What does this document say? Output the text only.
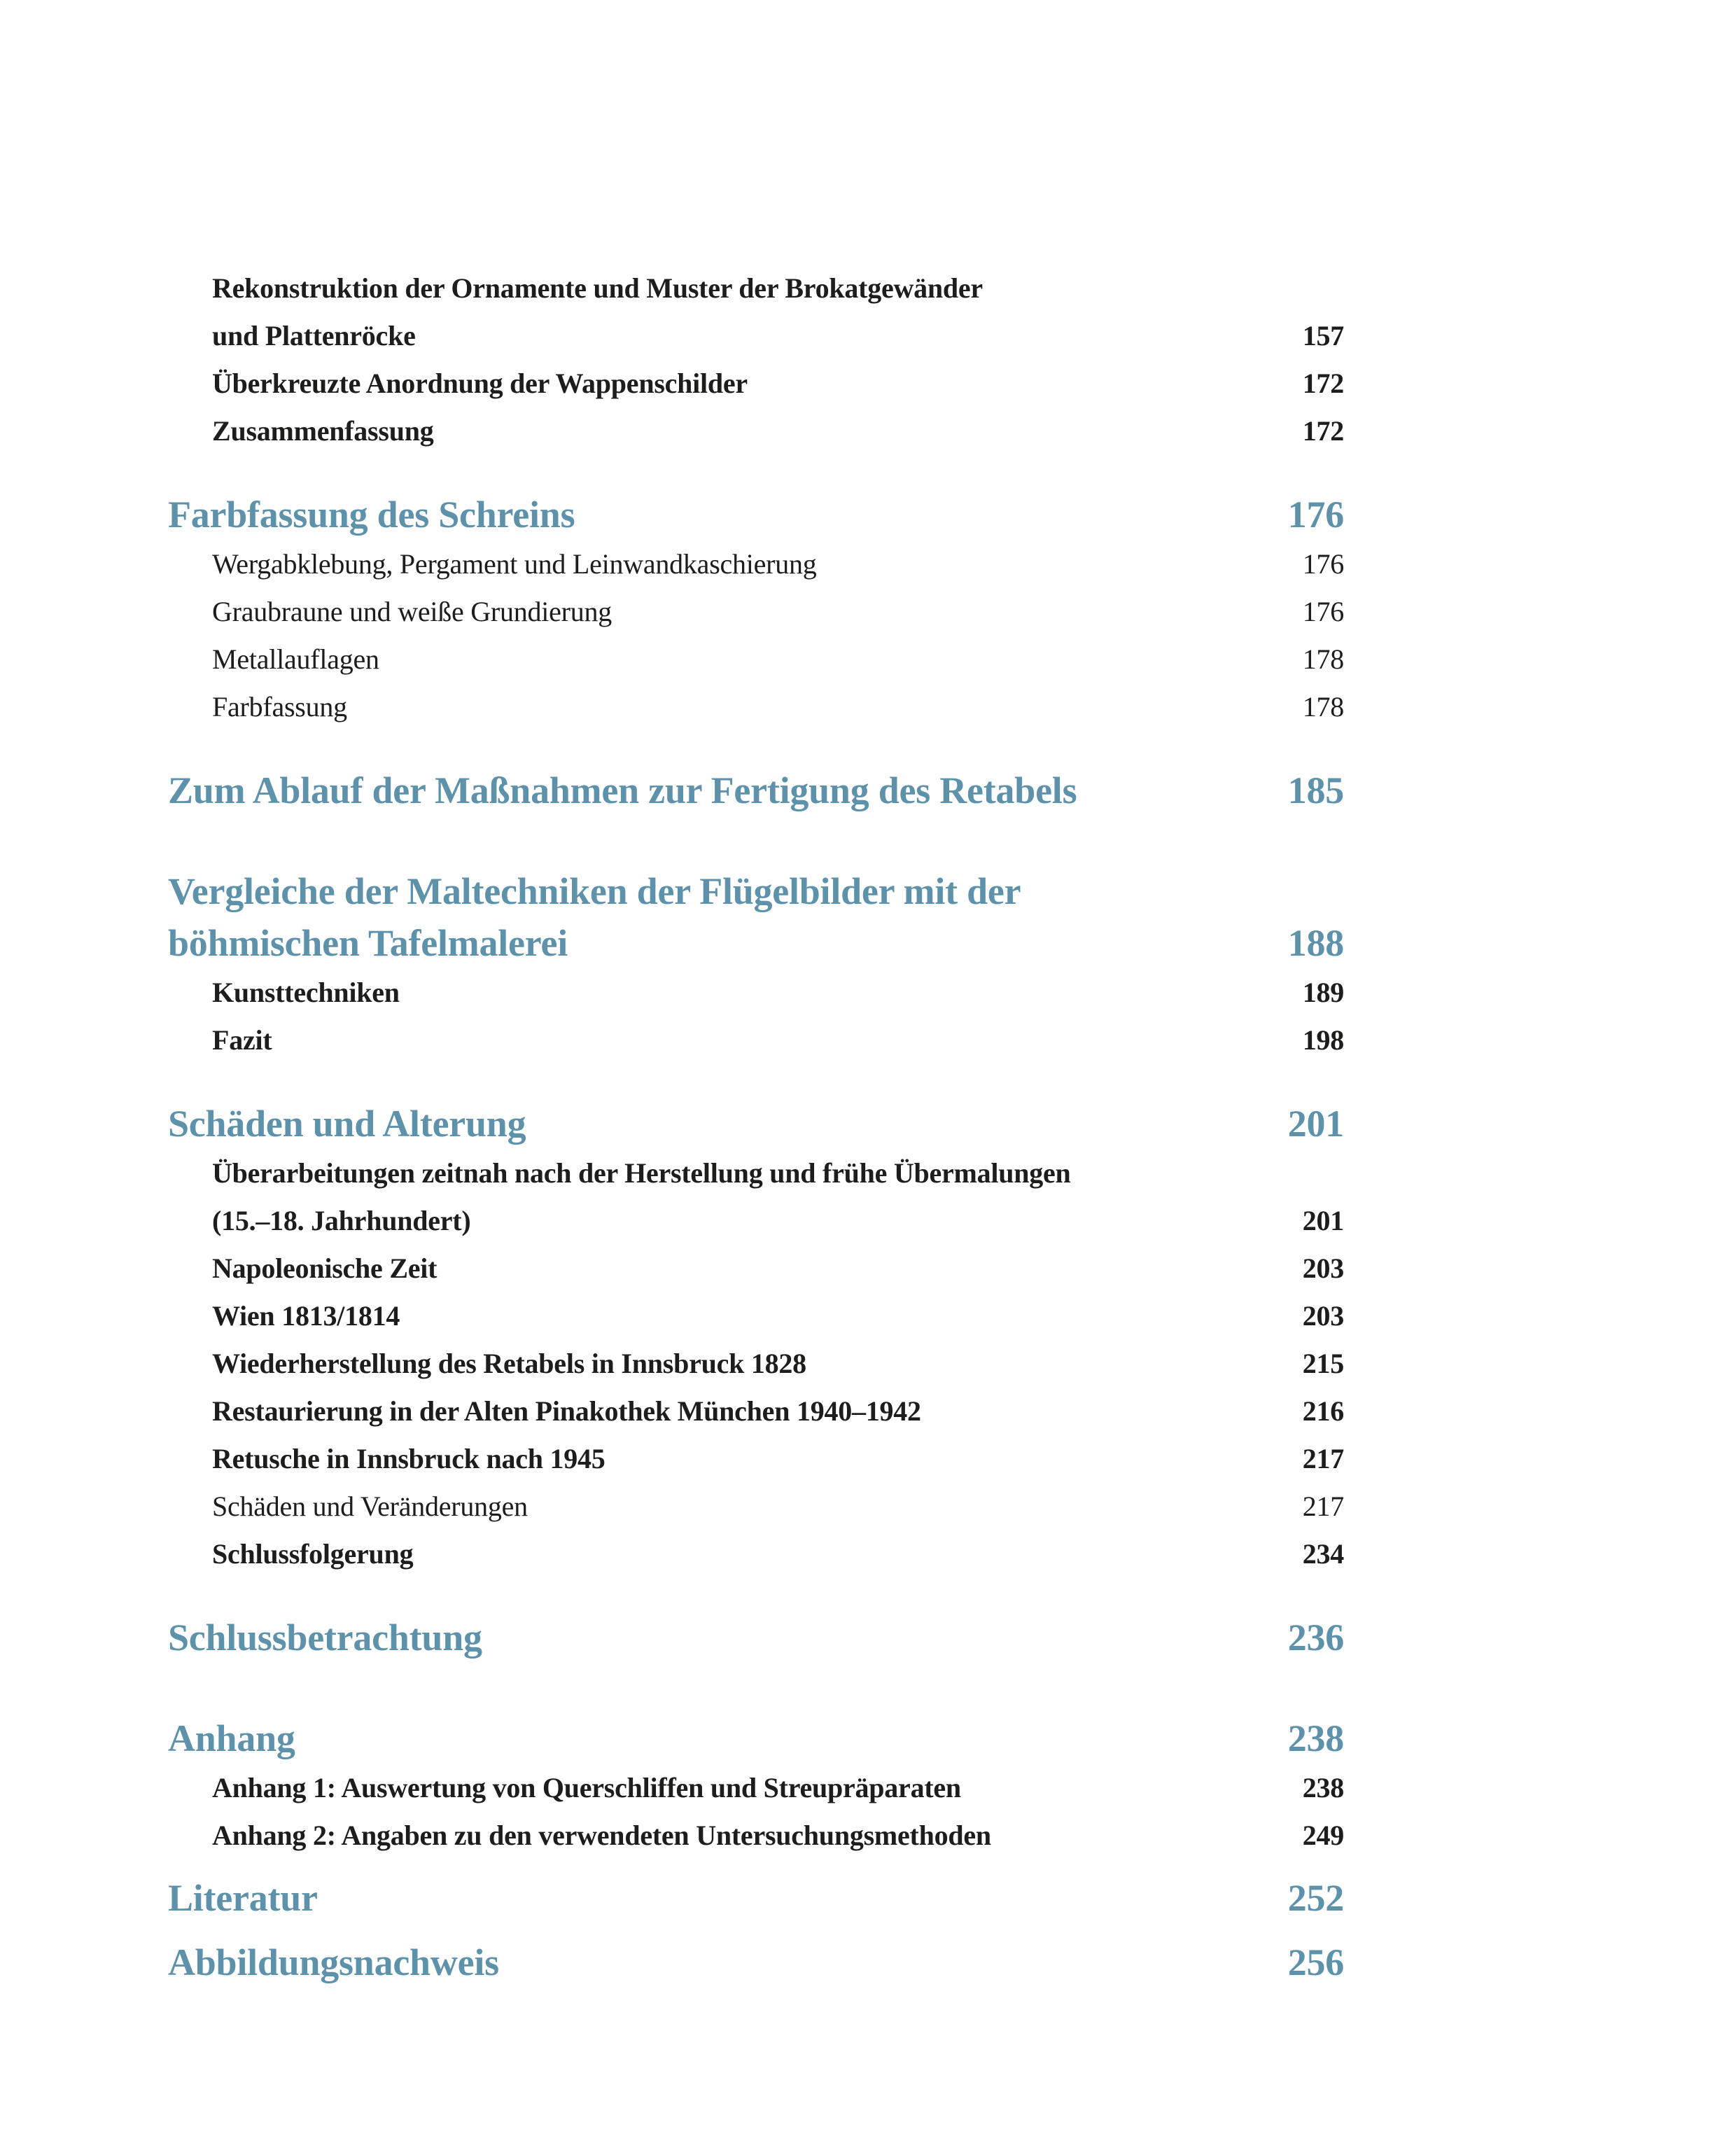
Rekonstruktion der Ornamente und Muster der Brokatgewänder
und Plattenröcke	157
Überkreuzte Anordnung der Wappenschilder	172
Zusammenfassung	172
Farbfassung des Schreins	176
Wergabklebung, Pergament und Leinwandkaschierung	176
Graubraune und weiße Grundierung	176
Metallauflagen	178
Farbfassung	178
Zum Ablauf der Maßnahmen zur Fertigung des Retabels	185
Vergleiche der Maltechniken der Flügelbilder mit der
böhmischen Tafelmalerei	188
Kunsttechniken	189
Fazit	198
Schäden und Alterung	201
Überarbeitungen zeitnah nach der Herstellung und frühe Übermalungen
(15.–18. Jahrhundert)	201
Napoleonische Zeit	203
Wien 1813/1814	203
Wiederherstellung des Retabels in Innsbruck 1828	215
Restaurierung in der Alten Pinakothek München 1940–1942	216
Retusche in Innsbruck nach 1945	217
Schäden und Veränderungen	217
Schlussfolgerung	234
Schlussbetrachtung	236
Anhang	238
Anhang 1: Auswertung von Querschliffen und Streupräparaten	238
Anhang 2: Angaben zu den verwendeten Untersuchungsmethoden	249
Literatur	252
Abbildungsnachweis	256
